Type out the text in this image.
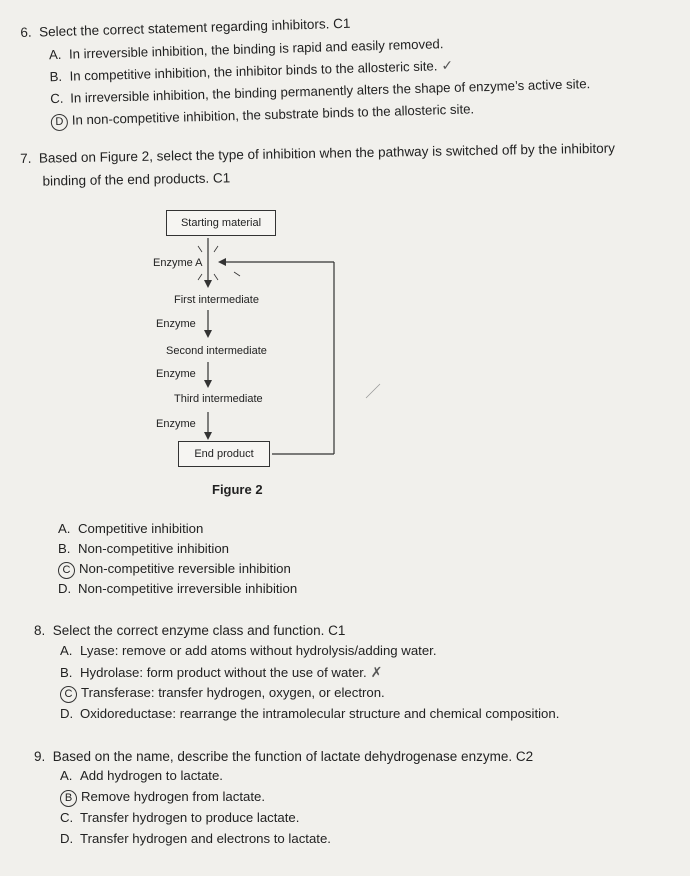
6. Select the correct statement regarding inhibitors. C1
A. In irreversible inhibition, the binding is rapid and easily removed.
B. In competitive inhibition, the inhibitor binds to the allosteric site. ✓
C. In irreversible inhibition, the binding permanently alters the shape of enzyme’s active site.
D In non-competitive inhibition, the substrate binds to the allosteric site.
7. Based on Figure 2, select the type of inhibition when the pathway is switched off by the inhibitory
binding of the end products. C1
Starting material
Enzyme A
First intermediate
Enzyme
Second intermediate
Enzyme
Third intermediate
Enzyme
End product
Figure 2
A. Competitive inhibition
B. Non-competitive inhibition
C Non-competitive reversible inhibition
D. Non-competitive irreversible inhibition
8. Select the correct enzyme class and function. C1
A. Lyase: remove or add atoms without hydrolysis/adding water.
B. Hydrolase: form product without the use of water. ✗
C Transferase: transfer hydrogen, oxygen, or electron.
D. Oxidoreductase: rearrange the intramolecular structure and chemical composition.
9. Based on the name, describe the function of lactate dehydrogenase enzyme. C2
A. Add hydrogen to lactate.
B Remove hydrogen from lactate.
C. Transfer hydrogen to produce lactate.
D. Transfer hydrogen and electrons to lactate.
